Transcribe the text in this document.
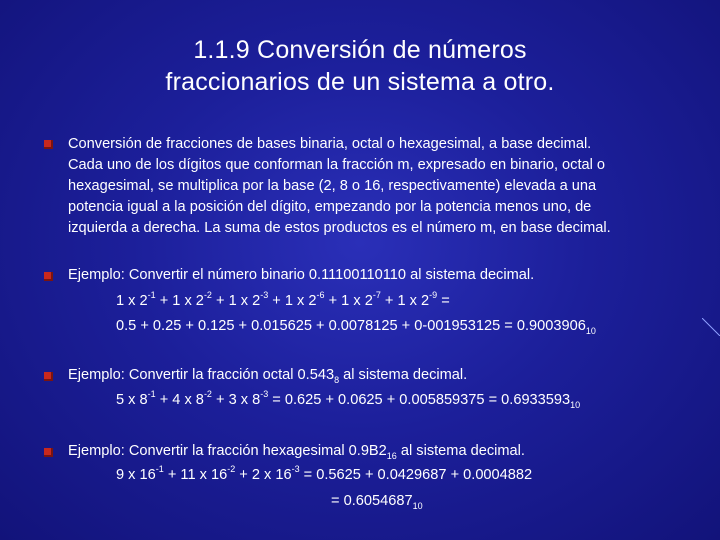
1.1.9 Conversión de números
fraccionarios de un sistema a otro.
Conversión de fracciones de bases binaria, octal o hexagesimal, a base decimal.
Cada uno de los dígitos que conforman la fracción m, expresado en binario, octal o
hexagesimal, se multiplica por la base (2, 8 o 16, respectivamente) elevada a una
potencia igual a la posición del dígito, empezando por la potencia menos uno, de
izquierda a derecha. La suma de estos productos es el número m, en base decimal.
Ejemplo: Convertir el número binario 0.11100110110 al sistema decimal.
1 x $2^{-1} + 1$ x $2^{-2} + 1$ x $2^{-3} + 1$ x $2^{-6} + 1$ x $2^{-7} + 1$ x $2^{-9}$ =
$0.5 + 0.25 + 0.125 + 0.015625 + 0.0078125 + 0-001953125 = 0.9003906_{10}$
Ejemplo: Convertir la fracción octal $0.543_8$ al sistema decimal.
5 x $8^{-1} + 4$ x $8^{-2} + 3$ x $8^{-3} = 0.625 + 0.0625 + 0.005859375 = 0.6933593_{10}$
Ejemplo: Convertir la fracción hexagesimal $0.9B2_{16}$ al sistema decimal.
9 x $16^{-1} + 11$ x $16^{-2} + 2$ x $16^{-3} = 0.5625 + 0.0429687 + 0.0004882$
= $0.6054687_{10}$
